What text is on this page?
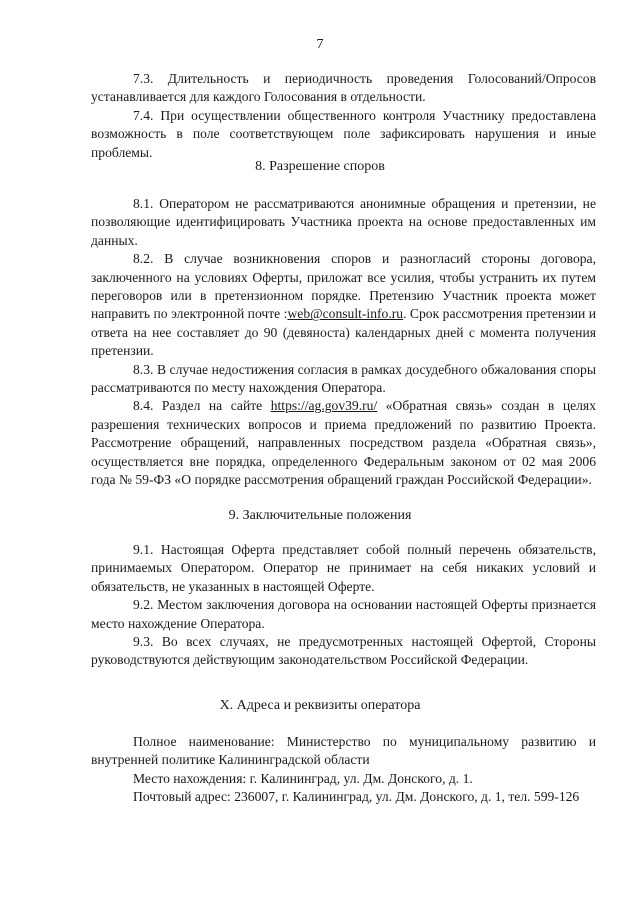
7

7.3. Длительность и периодичность проведения Голосований/Опросов устанавливается для каждого Голосования в отдельности.

7.4. При осуществлении общественного контроля Участнику предоставлена возможность в поле соответствующем поле зафиксировать нарушения и иные проблемы.

8. Разрешение споров

8.1. Оператором не рассматриваются анонимные обращения и претензии, не позволяющие идентифицировать Участника проекта на основе предоставленных им данных.

8.2. В случае возникновения споров и разногласий стороны договора, заключенного на условиях Оферты, приложат все усилия, чтобы устранить их путем переговоров или в претензионном порядке. Претензию Участник проекта может направить по электронной почте :web@consult-info.ru. Срок рассмотрения претензии и ответа на нее составляет до 90 (девяноста) календарных дней с момента получения претензии.

8.3. В случае недостижения согласия в рамках досудебного обжалования споры рассматриваются по месту нахождения Оператора.

8.4. Раздел на сайте https://ag.gov39.ru/ «Обратная связь» создан в целях разрешения технических вопросов и приема предложений по развитию Проекта. Рассмотрение обращений, направленных посредством раздела «Обратная связь», осуществляется вне порядка, определенного Федеральным законом от 02 мая 2006 года № 59-ФЗ «О порядке рассмотрения обращений граждан Российской Федерации».

9. Заключительные положения

9.1. Настоящая Оферта представляет собой полный перечень обязательств, принимаемых Оператором. Оператор не принимает на себя никаких условий и обязательств, не указанных в настоящей Оферте.

9.2. Местом заключения договора на основании настоящей Оферты признается место нахождение Оператора.

9.3. Во всех случаях, не предусмотренных настоящей Офертой, Стороны руководствуются действующим законодательством Российской Федерации.

X. Адреса и реквизиты оператора

Полное наименование: Министерство по муниципальному развитию и внутренней политике Калининградской области

Место нахождения: г. Калининград, ул. Дм. Донского, д. 1.

Почтовый адрес: 236007, г. Калининград, ул. Дм. Донского, д. 1, тел. 599-126
